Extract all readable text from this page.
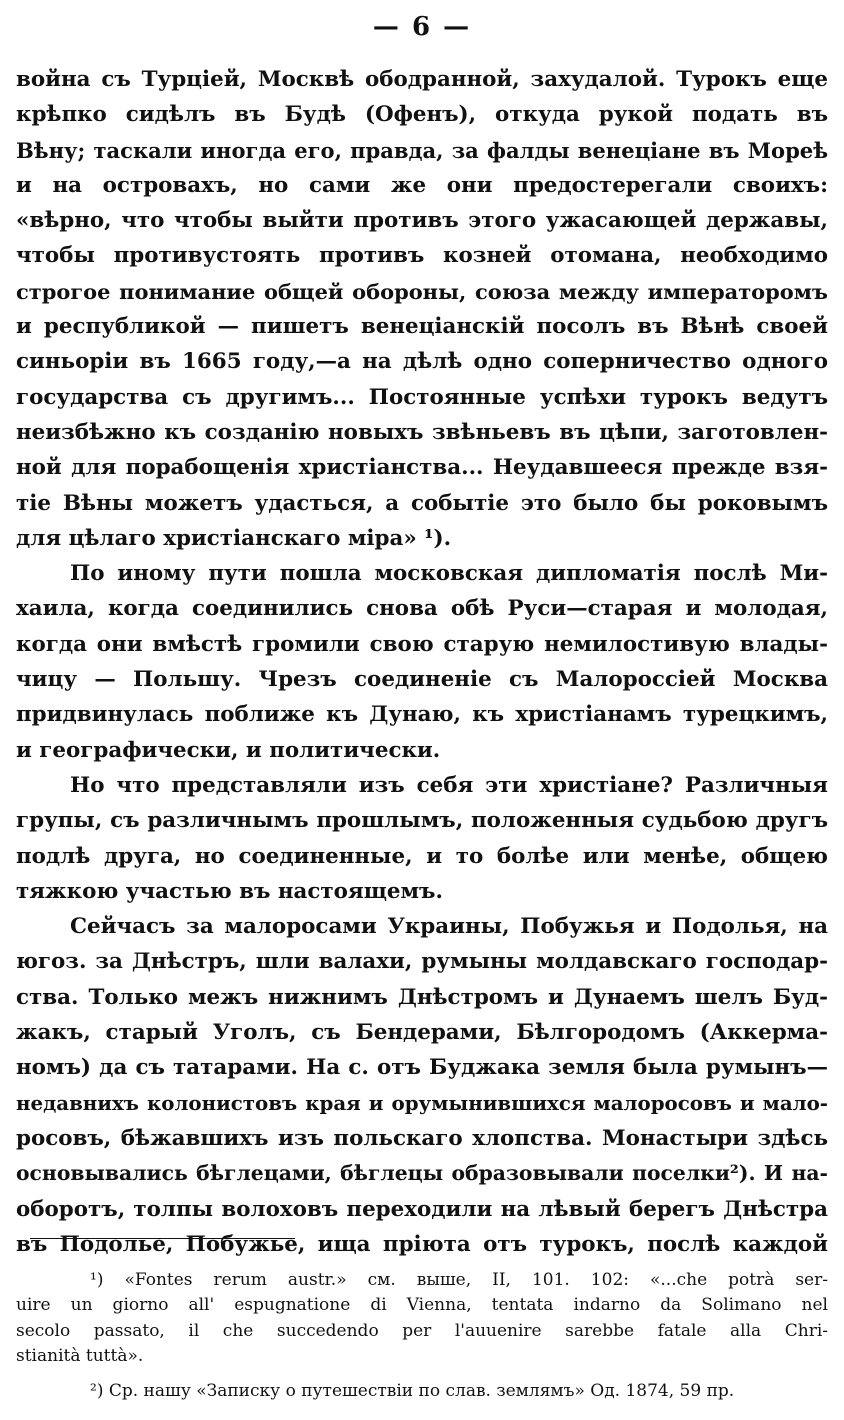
— 6 —
война съ Турціей, Москвѣ ободранной, захудалой. Турокъ еще
крѣпко сидѣлъ въ Будѣ (Офенъ), откуда рукой подать въ
Вѣну; таскали иногда его, правда, за фалды венеціане въ Мореѣ
и на островахъ, но сами же они предостерегали своихъ:
«вѣрно, что чтобы выйти противъ этого ужасающей державы,
чтобы противустоять противъ козней отомана, необходимо
строгое понимание общей обороны, союза между императоромъ
и республикой — пишетъ венеціанскій посолъ въ Вѣнѣ своей
синьоріи въ 1665 году,—а на дѣлѣ одно соперничество одного
государства съ другимъ... Постоянные успѣхи турокъ ведутъ
неизбѣжно къ созданію новыхъ звѣньевъ въ цѣпи, заготовлен-
ной для порабощенія христіанства... Неудавшееся прежде взя-
тіе Вѣны можетъ удасться, а событіе это было бы роковымъ
для цѣлаго христіанскаго міра» ¹).
По иному пути пошла московская дипломатія послѣ Ми-
хаила, когда соединились снова обѣ Руси—старая и молодая,
когда они вмѣстѣ громили свою старую немилостивую влады-
чицу — Польшу. Чрезъ соединеніе съ Малороссіей Москва
придвинулась поближе къ Дунаю, къ христіанамъ турецкимъ,
и географически, и политически.
Но что представляли изъ себя эти христіане? Различныя
групы, съ различнымъ прошлымъ, положенныя судьбою другъ
подлѣ друга, но соединенные, и то болѣе или менѣе, общею
тяжкою участью въ настоящемъ.
Сейчасъ за малоросами Украины, Побужья и Подолья, на
югоз. за Днѣстръ, шли валахи, румыны молдавскаго господар-
ства. Только межъ нижнимъ Днѣстромъ и Дунаемъ шелъ Буд-
жакъ, старый Уголъ, съ Бендерами, Бѣлгородомъ (Аккерма-
номъ) да съ татарами. На с. отъ Буджака земля была румынъ—
недавнихъ колонистовъ края и орумынившихся малоросовъ и мало-
росовъ, бѣжавшихъ изъ польскаго хлопства. Монастыри здѣсь
основывались бѣглецами, бѣглецы образовывали поселки²). И на-
оборотъ, толпы волоховъ переходили на лѣвый берегъ Днѣстра
въ Подолье, Побужье, ища пріюта отъ турокъ, послѣ каждой
¹) «Fontes rerum austr.» см. выше, II, 101. 102: «...che potrà ser-
uire un giorno all' espugnatione di Vienna, tentata indarno da Solimano nel
secolo passato, il che succedendo per l'auuenire sarebbe fatale alla Chri-
stianità tuttà».
²) Ср. нашу «Записку о путешествіи по слав. землямъ» Од. 1874, 59 пр.
